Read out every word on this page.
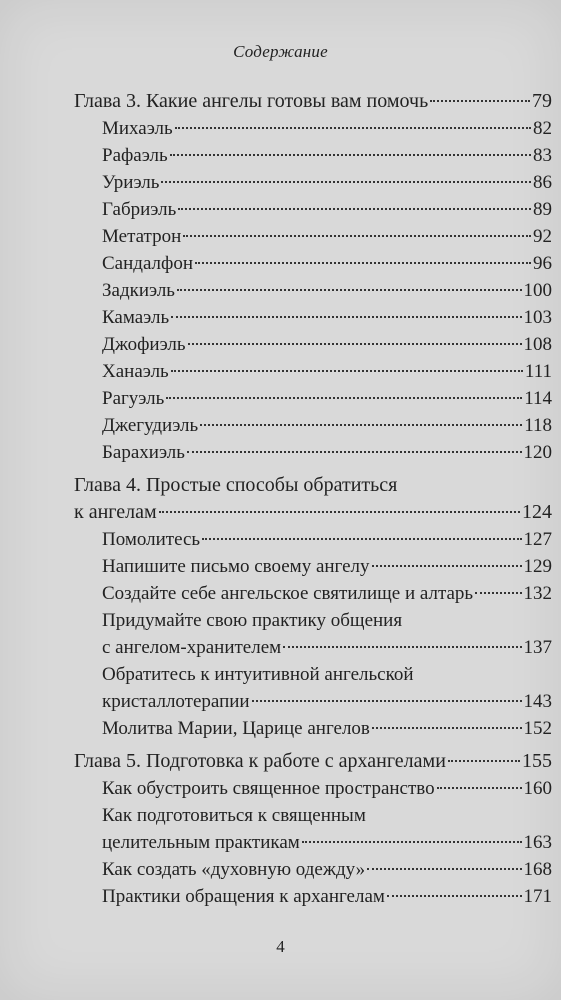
Содержание
Глава 3. Какие ангелы готовы вам помочь	79
Михаэль	82
Рафаэль	83
Уриэль	86
Габриэль	89
Метатрон	92
Сандалфон	96
Задкиэль	100
Камаэль	103
Джофиэль	108
Ханаэль	111
Рагуэль	114
Джегудиэль	118
Барахиэль	120
Глава 4. Простые способы обратиться
к ангелам	124
Помолитесь	127
Напишите письмо своему ангелу	129
Создайте себе ангельское святилище и алтарь	132
Придумайте свою практику общения
с ангелом-хранителем	137
Обратитесь к интуитивной ангельской
кристаллотерапии	143
Молитва Марии, Царице ангелов	152
Глава 5. Подготовка к работе с архангелами	155
Как обустроить священное пространство	160
Как подготовиться к священным
целительным практикам	163
Как создать «духовную одежду»	168
Практики обращения к архангелам	171
4
